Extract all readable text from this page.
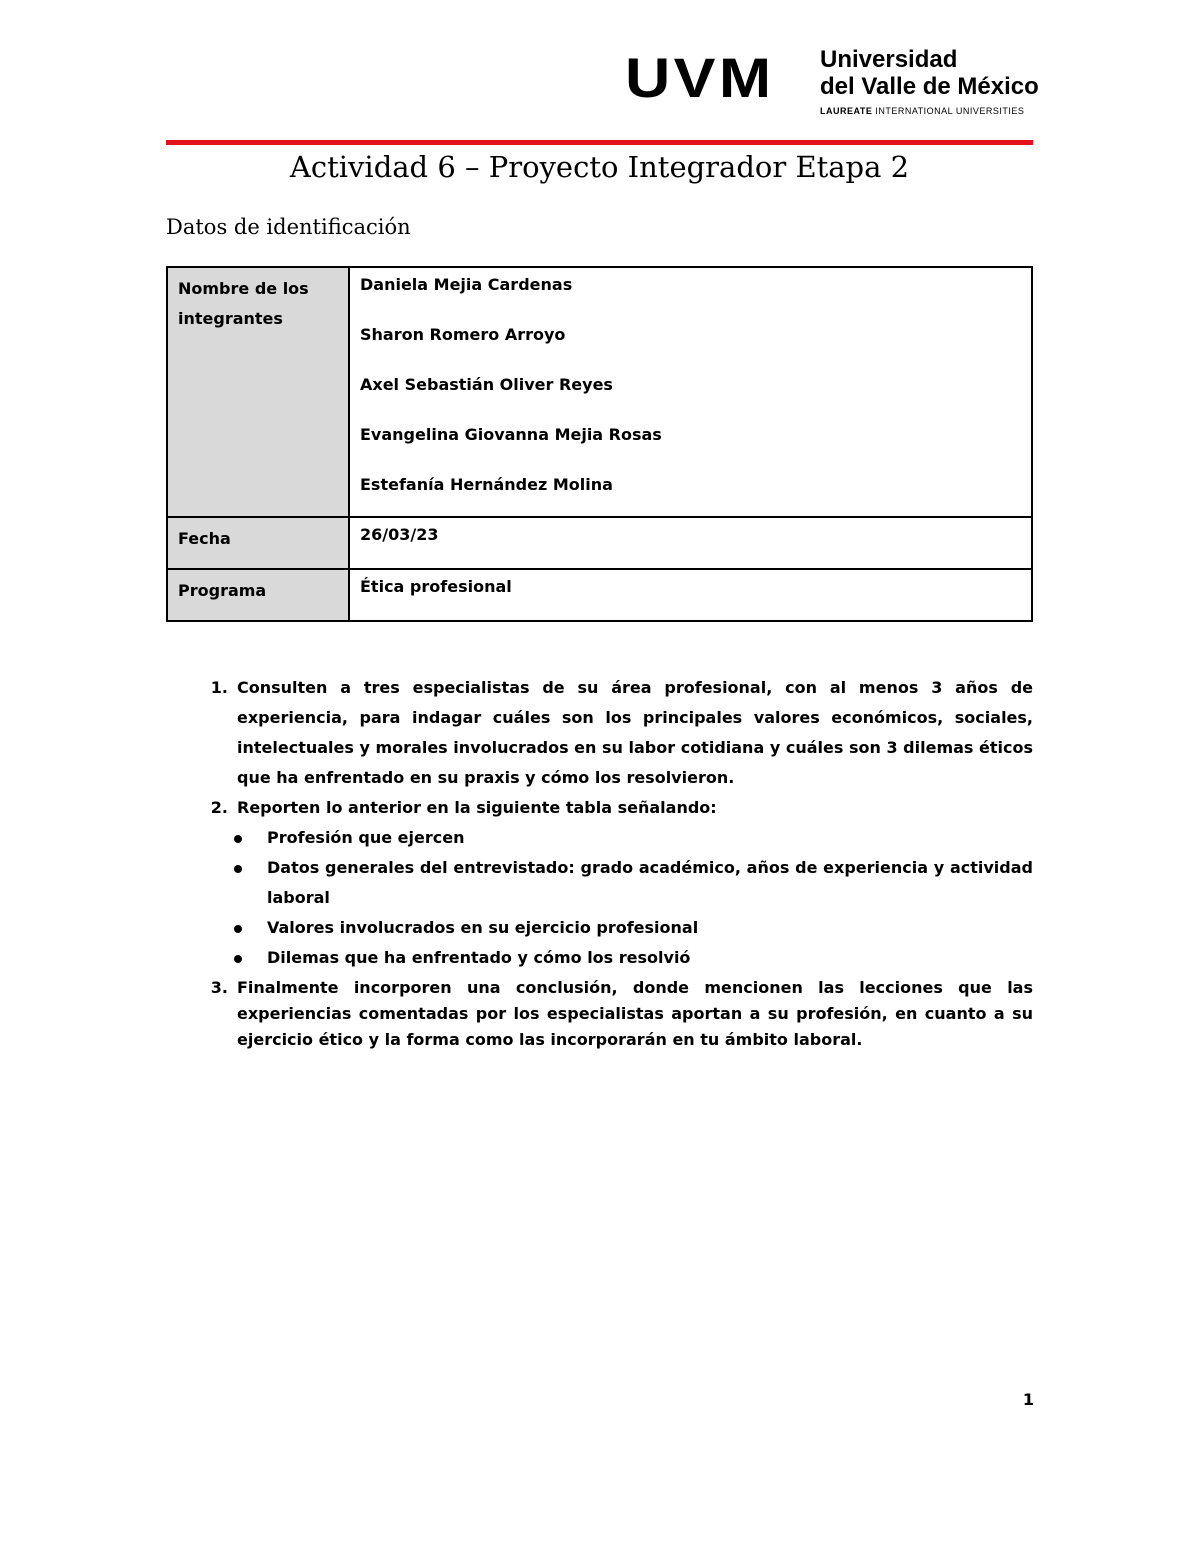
UVM Universidad
del Valle de México
LAUREATE INTERNATIONAL UNIVERSITIES
Actividad 6 – Proyecto Integrador Etapa 2
Datos de identificación
Nombre de los integrantes	Daniela Mejia Cardenas

Sharon Romero Arroyo

Axel Sebastián Oliver Reyes

Evangelina Giovanna Mejia Rosas

Estefanía Hernández Molina

Fecha	26/03/23
Programa	Ética profesional
1. Consulten a tres especialistas de su área profesional, con al menos 3 años de experiencia, para indagar cuáles son los principales valores económicos, sociales, intelectuales y morales involucrados en su labor cotidiana y cuáles son 3 dilemas éticos que ha enfrentado en su praxis y cómo los resolvieron.
2. Reporten lo anterior en la siguiente tabla señalando:
Profesión que ejercen
Datos generales del entrevistado: grado académico, años de experiencia y actividad laboral
Valores involucrados en su ejercicio profesional
Dilemas que ha enfrentado y cómo los resolvió
3. Finalmente incorporen una conclusión, donde mencionen las lecciones que las experiencias comentadas por los especialistas aportan a su profesión, en cuanto a su ejercicio ético y la forma como las incorporarán en tu ámbito laboral.
1
